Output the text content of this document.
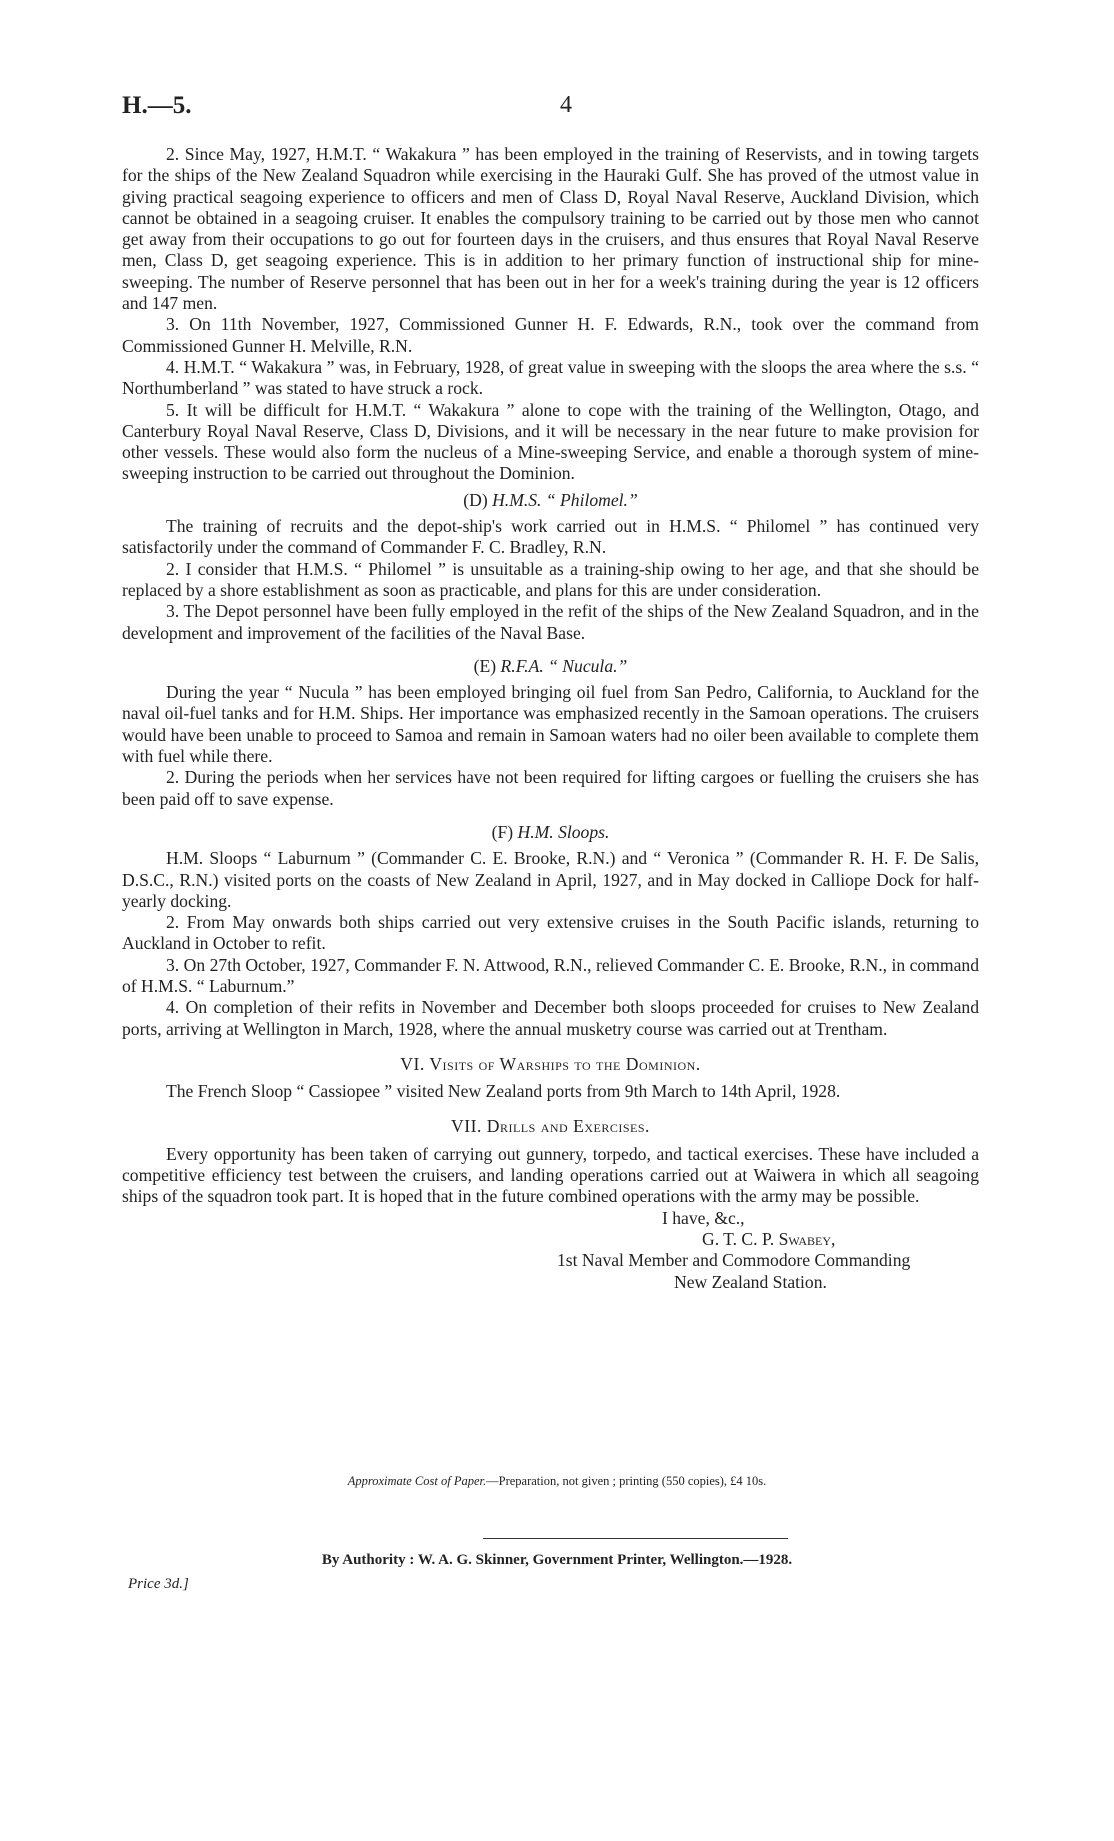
H.—5.	4

2. Since May, 1927, H.M.T. “ Wakakura ” has been employed in the training of Reservists, and in towing targets for the ships of the New Zealand Squadron while exercising in the Hauraki Gulf. She has proved of the utmost value in giving practical seagoing experience to officers and men of Class D, Royal Naval Reserve, Auckland Division, which cannot be obtained in a seagoing cruiser. It enables the compulsory training to be carried out by those men who cannot get away from their occupations to go out for fourteen days in the cruisers, and thus ensures that Royal Naval Reserve men, Class D, get seagoing experience. This is in addition to her primary function of instructional ship for mine-sweeping. The number of Reserve personnel that has been out in her for a week's training during the year is 12 officers and 147 men.

3. On 11th November, 1927, Commissioned Gunner H. F. Edwards, R.N., took over the command from Commissioned Gunner H. Melville, R.N.

4. H.M.T. “ Wakakura ” was, in February, 1928, of great value in sweeping with the sloops the area where the s.s. “ Northumberland ” was stated to have struck a rock.

5. It will be difficult for H.M.T. “ Wakakura ” alone to cope with the training of the Wellington, Otago, and Canterbury Royal Naval Reserve, Class D, Divisions, and it will be necessary in the near future to make provision for other vessels. These would also form the nucleus of a Mine-sweeping Service, and enable a thorough system of mine-sweeping instruction to be carried out throughout the Dominion.

(D) H.M.S. “ Philomel.”

The training of recruits and the depot-ship's work carried out in H.M.S. “ Philomel ” has continued very satisfactorily under the command of Commander F. C. Bradley, R.N.

2. I consider that H.M.S. “ Philomel ” is unsuitable as a training-ship owing to her age, and that she should be replaced by a shore establishment as soon as practicable, and plans for this are under consideration.

3. The Depot personnel have been fully employed in the refit of the ships of the New Zealand Squadron, and in the development and improvement of the facilities of the Naval Base.

(E) R.F.A. “ Nucula.”

During the year “ Nucula ” has been employed bringing oil fuel from San Pedro, California, to Auckland for the naval oil-fuel tanks and for H.M. Ships. Her importance was emphasized recently in the Samoan operations. The cruisers would have been unable to proceed to Samoa and remain in Samoan waters had no oiler been available to complete them with fuel while there.

2. During the periods when her services have not been required for lifting cargoes or fuelling the cruisers she has been paid off to save expense.

(F) H.M. Sloops.

H.M. Sloops “ Laburnum ” (Commander C. E. Brooke, R.N.) and “ Veronica ” (Commander R. H. F. De Salis, D.S.C., R.N.) visited ports on the coasts of New Zealand in April, 1927, and in May docked in Calliope Dock for half-yearly docking.

2. From May onwards both ships carried out very extensive cruises in the South Pacific islands, returning to Auckland in October to refit.

3. On 27th October, 1927, Commander F. N. Attwood, R.N., relieved Commander C. E. Brooke, R.N., in command of H.M.S. “ Laburnum.”

4. On completion of their refits in November and December both sloops proceeded for cruises to New Zealand ports, arriving at Wellington in March, 1928, where the annual musketry course was carried out at Trentham.

VI. Visits of Warships to the Dominion.

The French Sloop “ Cassiopee ” visited New Zealand ports from 9th March to 14th April, 1928.

VII. Drills and Exercises.

Every opportunity has been taken of carrying out gunnery, torpedo, and tactical exercises. These have included a competitive efficiency test between the cruisers, and landing operations carried out at Waiwera in which all seagoing ships of the squadron took part. It is hoped that in the future combined operations with the army may be possible.

I have, &c.,
G. T. C. P. Swabey,
1st Naval Member and Commodore Commanding
New Zealand Station.
Approximate Cost of Paper.—Preparation, not given ; printing (550 copies), £4 10s.
By Authority : W. A. G. Skinner, Government Printer, Wellington.—1928.
Price 3d.]
